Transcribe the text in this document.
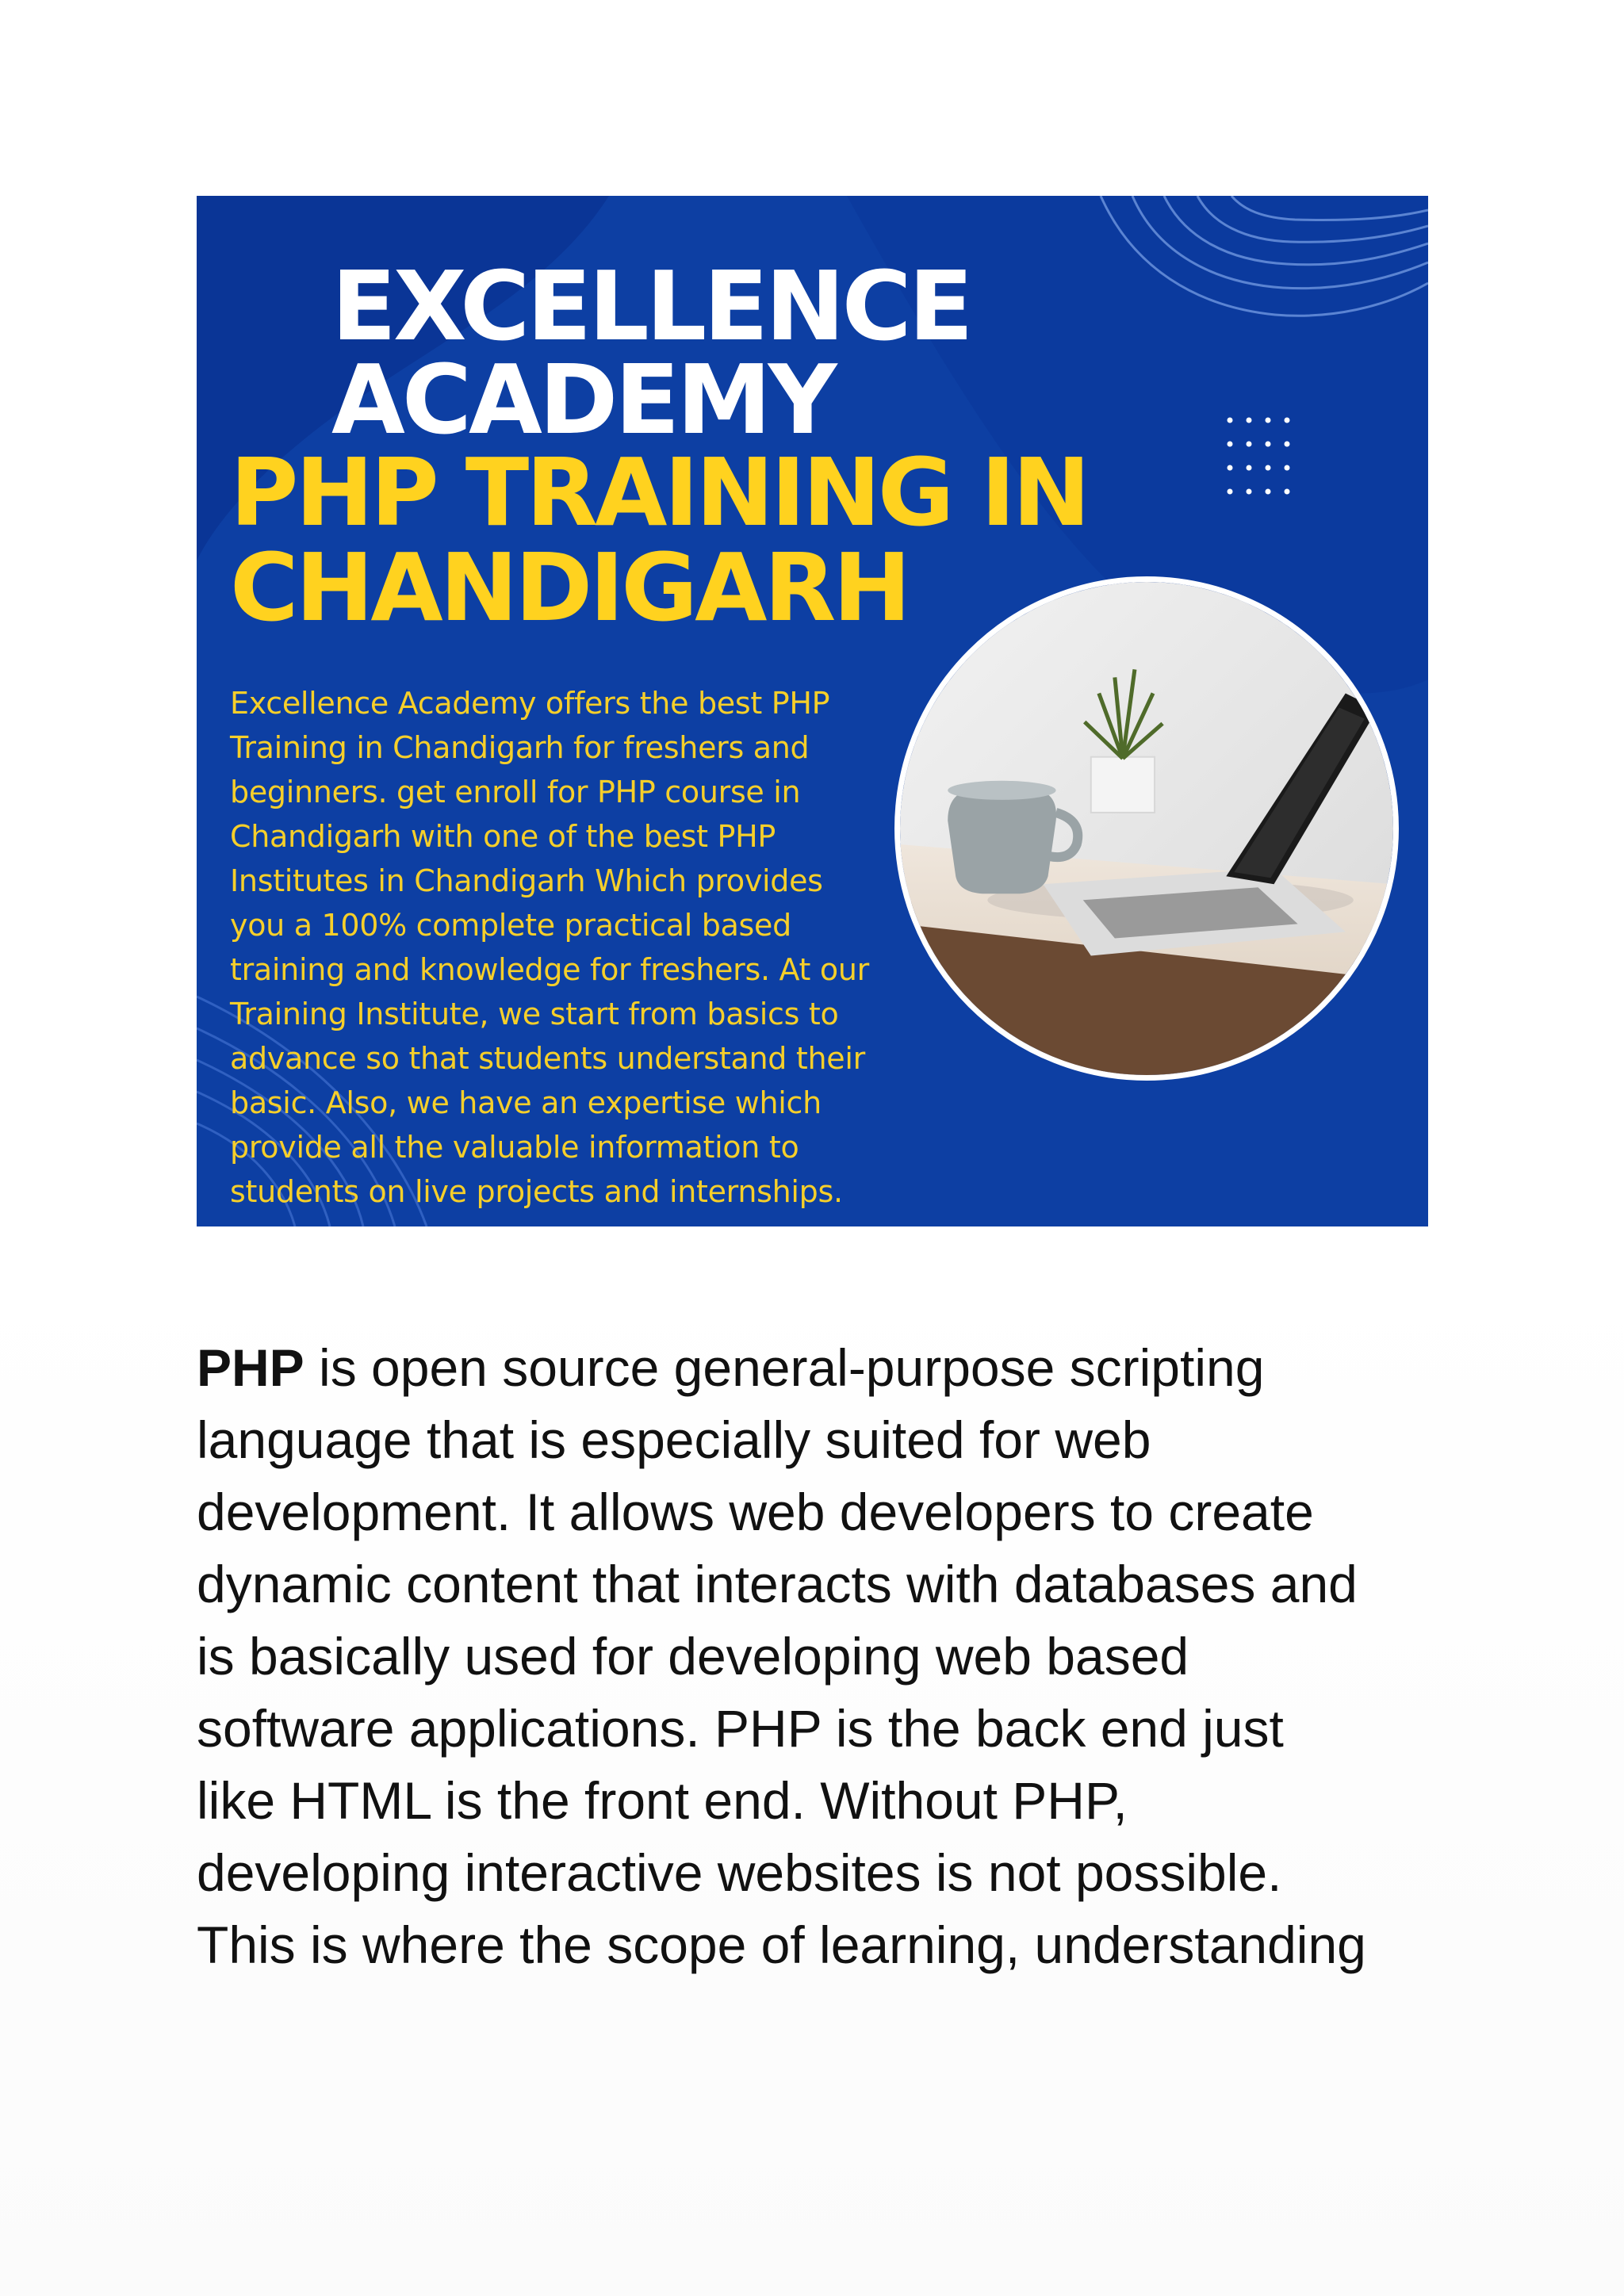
EXCELLENCE
ACADEMY
PHP TRAINING IN
CHANDIGARH
Excellence Academy offers the best PHP
Training in Chandigarh for freshers and
beginners. get enroll for PHP course in
Chandigarh with one of the best PHP
Institutes in Chandigarh Which provides
you a 100% complete practical based
training and knowledge for freshers. At our
Training Institute, we start from basics to
advance so that students understand their
basic. Also, we have an expertise which
provide all the valuable information to
students on live projects and internships.
PHP is open source general-purpose scripting
language that is especially suited for web
development. It allows web developers to create
dynamic content that interacts with databases and
is basically used for developing web based
software applications. PHP is the back end just
like HTML is the front end. Without PHP,
developing interactive websites is not possible.
This is where the scope of learning, understanding
